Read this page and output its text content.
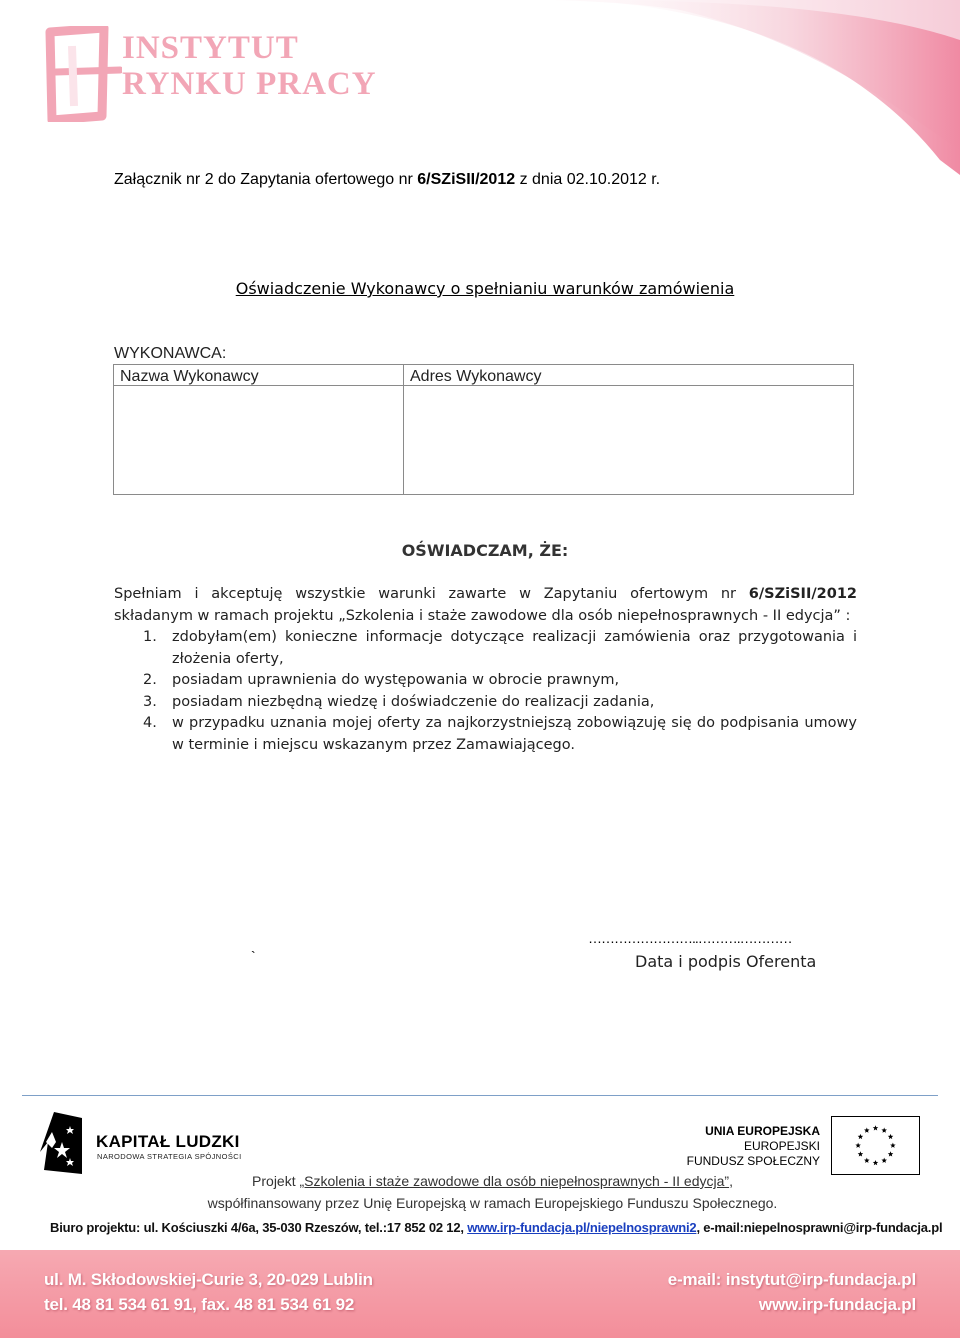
INSTYTUT
RYNKU PRACY
Załącznik nr 2 do Zapytania ofertowego nr 6/SZiSII/2012 z dnia 02.10.2012 r.
Oświadczenie Wykonawcy o spełnianiu warunków zamówienia
WYKONAWCA:
Nazwa Wykonawcy	Adres Wykonawcy
OŚWIADCZAM, ŻE:
Spełniam i akceptuję wszystkie warunki zawarte w Zapytaniu ofertowym nr 6/SZiSII/2012
składanym w ramach projektu „Szkolenia i staże zawodowe dla osób niepełnosprawnych - II edycja” :
1. zdobyłam(em) konieczne informacje dotyczące realizacji zamówienia oraz przygotowania i złożenia oferty,
2. posiadam uprawnienia do występowania w obrocie prawnym,
3. posiadam niezbędną wiedzę i doświadczenie do realizacji zadania,
4. w przypadku uznania mojej oferty za najkorzystniejszą zobowiązuję się do podpisania umowy w terminie i miejscu wskazanym przez Zamawiającego.
……………………..……….…………
`	Data i podpis Oferenta
KAPITAŁ LUDZKI
NARODOWA STRATEGIA SPÓJNOŚCI
UNIA EUROPEJSKA
EUROPEJSKI
FUNDUSZ SPOŁECZNY
Projekt „Szkolenia i staże zawodowe dla osób niepełnosprawnych - II edycja”,
współfinansowany przez Unię Europejską w ramach Europejskiego Funduszu Społecznego.
Biuro projektu: ul. Kościuszki 4/6a, 35-030 Rzeszów, tel.:17 852 02 12, www.irp-fundacja.pl/niepelnosprawni2, e-mail:niepelnosprawni@irp-fundacja.pl
ul. M. Skłodowskiej-Curie 3, 20-029 Lublin
tel. 48 81 534 61 91, fax. 48 81 534 61 92
e-mail: instytut@irp-fundacja.pl
www.irp-fundacja.pl
